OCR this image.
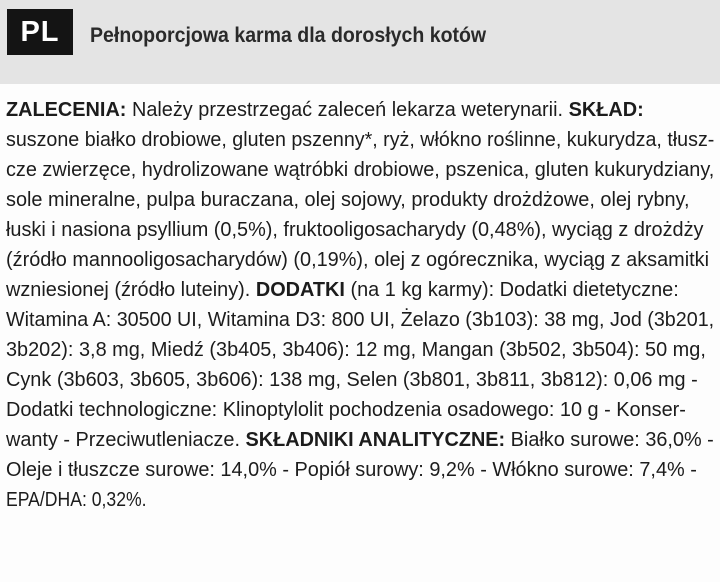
PL	Pełnoporcjowa karma dla dorosłych kotów
ZALECENIA: Należy przestrzegać zaleceń lekarza weterynarii. SKŁAD:
suszone białko drobiowe, gluten pszenny*, ryż, włókno roślinne, kukurydza, tłusz-
cze zwierzęce, hydrolizowane wątróbki drobiowe, pszenica, gluten kukurydziany,
sole mineralne, pulpa buraczana, olej sojowy, produkty drożdżowe, olej rybny,
łuski i nasiona psyllium (0,5%), fruktooligosacharydy (0,48%), wyciąg z drożdży
(źródło mannooligosacharydów) (0,19%), olej z ogórecznika, wyciąg z aksamitki
wzniesionej (źródło luteiny). DODATKI (na 1 kg karmy): Dodatki dietetyczne:
Witamina A: 30500 UI, Witamina D3: 800 UI, Żelazo (3b103): 38 mg, Jod (3b201,
3b202): 3,8 mg, Miedź (3b405, 3b406): 12 mg, Mangan (3b502, 3b504): 50 mg,
Cynk (3b603, 3b605, 3b606): 138 mg, Selen (3b801, 3b811, 3b812): 0,06 mg -
Dodatki technologiczne: Klinoptylolit pochodzenia osadowego: 10 g - Konser-
wanty - Przeciwutleniacze. SKŁADNIKI ANALITYCZNE: Białko surowe: 36,0% -
Oleje i tłuszcze surowe: 14,0% - Popiół surowy: 9,2% - Włókno surowe: 7,4% -
EPA/DHA: 0,32%.
